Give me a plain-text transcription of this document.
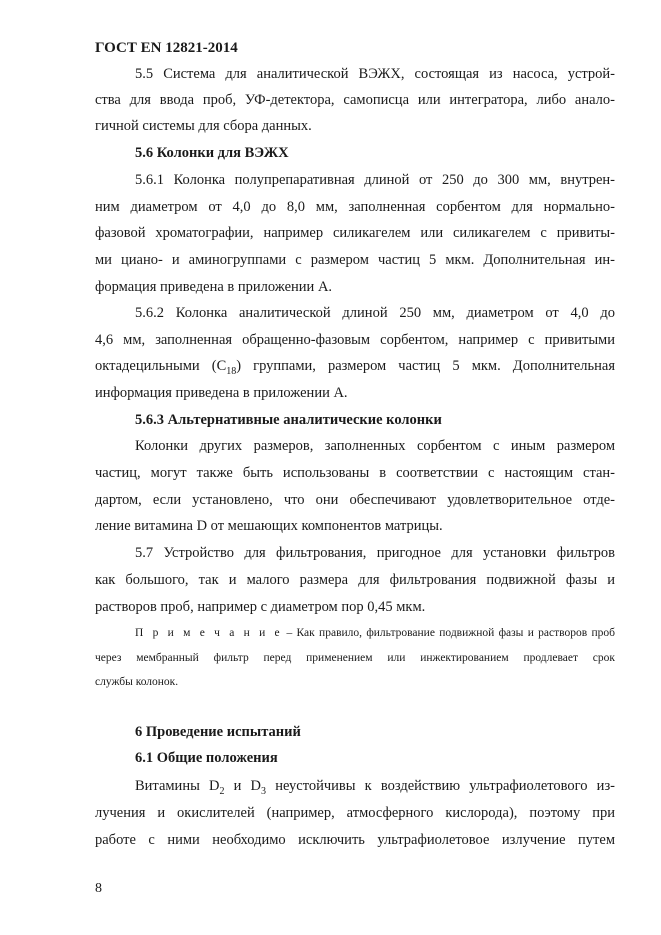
ГОСТ EN 12821-2014
5.5 Система для аналитической ВЭЖХ, состоящая из насоса, устрой-
ства для ввода проб, УФ-детектора, самописца или интегратора, либо анало-
гичной системы для сбора данных.
5.6 Колонки для ВЭЖХ
5.6.1 Колонка полупрепаративная длиной от 250 до 300 мм, внутрен-
ним диаметром от 4,0 до 8,0 мм, заполненная сорбентом для нормально-
фазовой хроматографии, например силикагелем или силикагелем с привиты-
ми циано- и аминогруппами с размером частиц 5 мкм. Дополнительная ин-
формация приведена в приложении А.
5.6.2 Колонка аналитической длиной 250 мм, диаметром от 4,0 до
4,6 мм, заполненная обращенно-фазовым сорбентом, например с привитыми
октадецильными $(C_{18})$ группами, размером частиц 5 мкм. Дополнительная
информация приведена в приложении А.
5.6.3 Альтернативные аналитические колонки
Колонки других размеров, заполненных сорбентом с иным размером
частиц, могут также быть использованы в соответствии с настоящим стан-
дартом, если установлено, что они обеспечивают удовлетворительное отде-
ление витамина D от мешающих компонентов матрицы.
5.7 Устройство для фильтрования, пригодное для установки фильтров
как большого, так и малого размера для фильтрования подвижной фазы и
растворов проб, например с диаметром пор 0,45 мкм.
П р и м е ч а н и е – Как правило, фильтрование подвижной фазы и растворов проб
через мембранный фильтр перед применением или инжектированием продлевает срок
службы колонок.
6 Проведение испытаний
6.1 Общие положения
Витамины $D_2$ и $D_3$ неустойчивы к воздействию ультрафиолетового из-
лучения и окислителей (например, атмосферного кислорода), поэтому при
работе с ними необходимо исключить ультрафиолетовое излучение путем
8
